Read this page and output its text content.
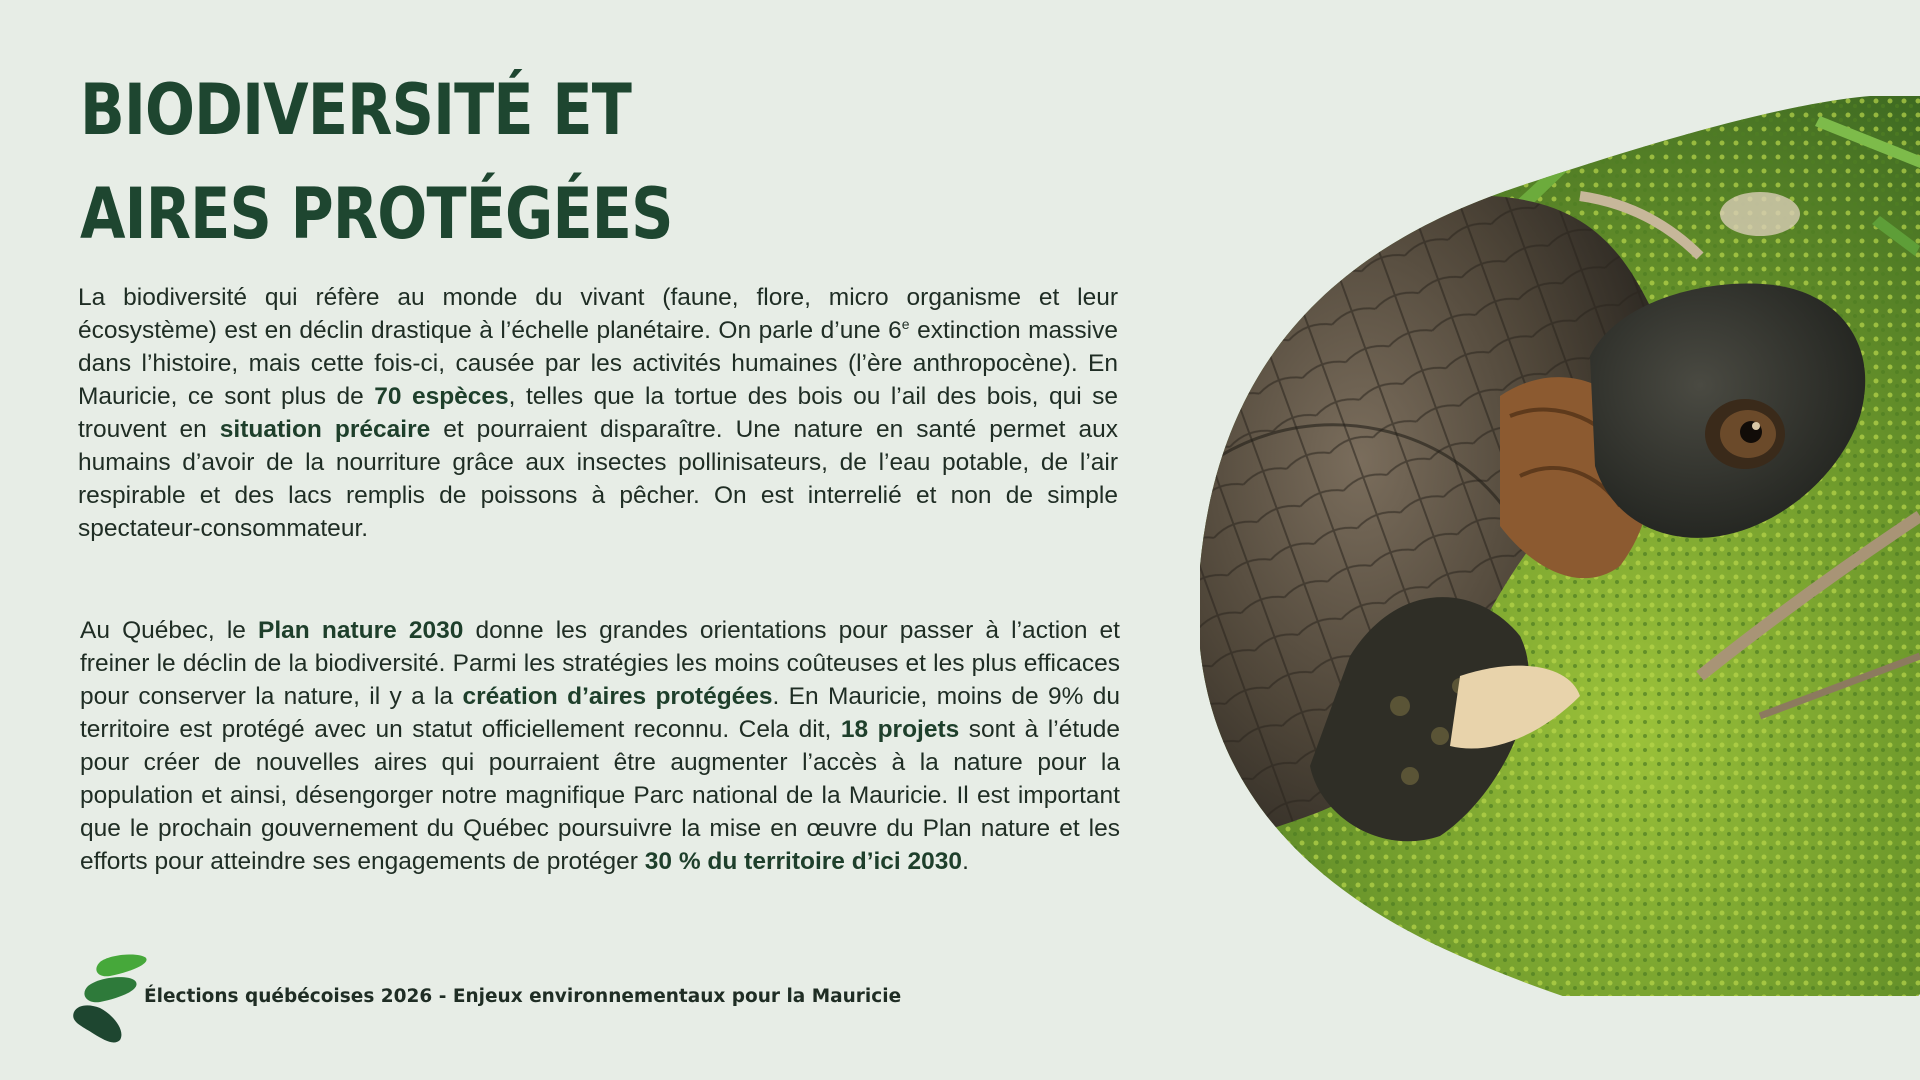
BIODIVERSITÉ ET
AIRES PROTÉGÉES

La biodiversité qui réfère au monde du vivant (faune, flore, micro organisme et leur écosystème) est en déclin drastique à l’échelle planétaire. On parle d’une 6e extinction massive dans l’histoire, mais cette fois-ci, causée par les activités humaines (l’ère anthropocène). En Mauricie, ce sont plus de 70 espèces, telles que la tortue des bois ou l’ail des bois, qui se trouvent en situation précaire et pourraient disparaître. Une nature en santé permet aux humains d’avoir de la nourriture grâce aux insectes pollinisateurs, de l’eau potable, de l’air respirable et des lacs remplis de poissons à pêcher. On est interrelié et non de simple spectateur-consommateur.

Au Québec, le Plan nature 2030 donne les grandes orientations pour passer à l’action et freiner le déclin de la biodiversité. Parmi les stratégies les moins coûteuses et les plus efficaces pour conserver la nature, il y a la création d’aires protégées. En Mauricie, moins de 9% du territoire est protégé avec un statut officiellement reconnu. Cela dit, 18 projets sont à l’étude pour créer de nouvelles aires qui pourraient être augmenter l’accès à la nature pour la population et ainsi, désengorger notre magnifique Parc national de la Mauricie. Il est important que le prochain gouvernement du Québec poursuivre la mise en œuvre du Plan nature et les efforts pour atteindre ses engagements de protéger 30 % du territoire d’ici 2030.

Élections québécoises 2026 - Enjeux environnementaux pour la Mauricie
